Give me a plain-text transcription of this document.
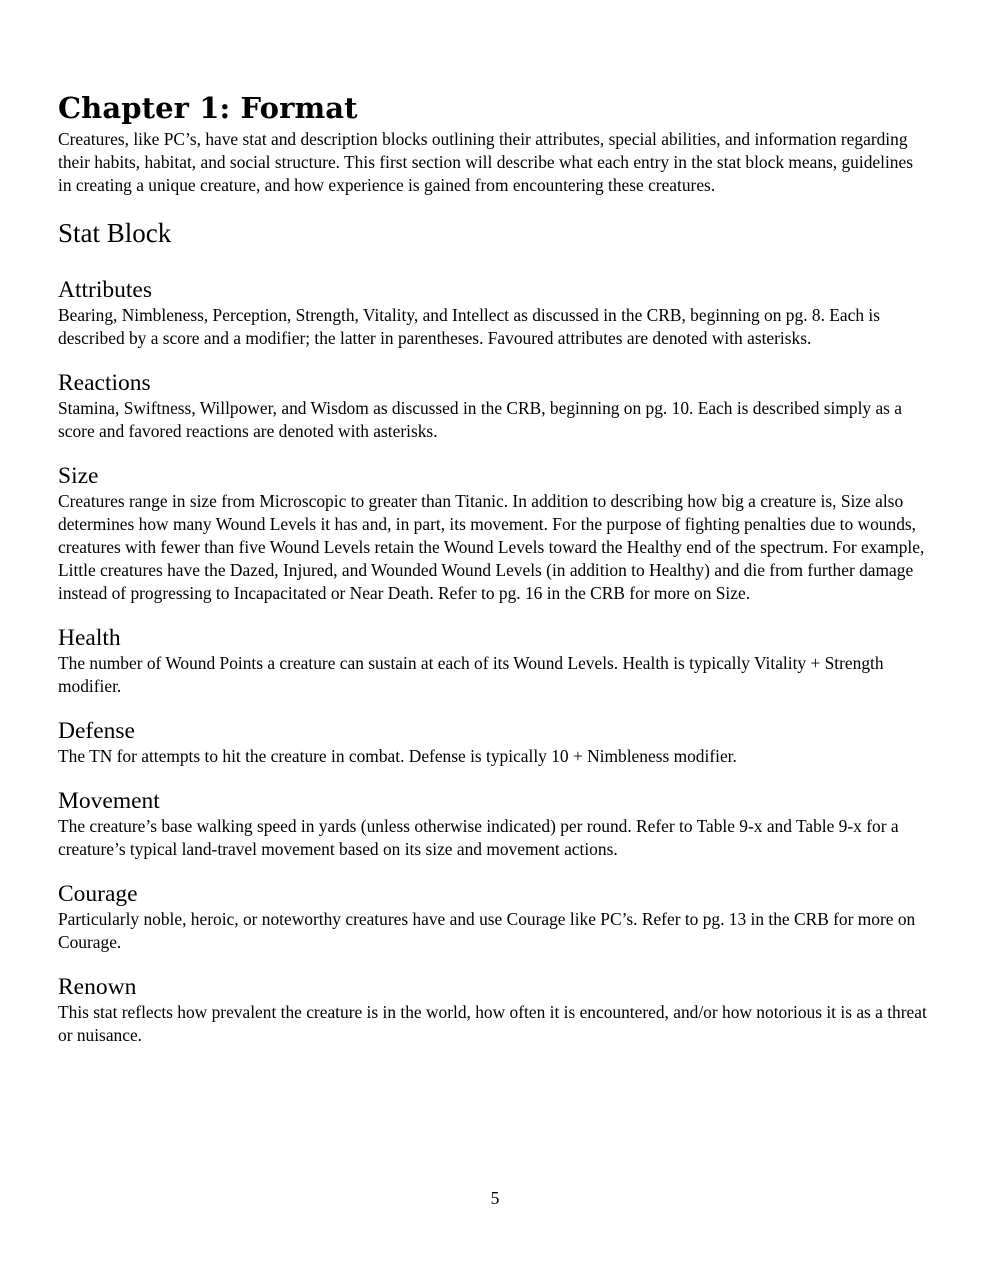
Chapter 1: Format

Creatures, like PC’s, have stat and description blocks outlining their attributes, special abilities, and information regarding their habits, habitat, and social structure. This first section will describe what each entry in the stat block means, guidelines in creating a unique creature, and how experience is gained from encountering these creatures.

Stat Block
Attributes

Bearing, Nimbleness, Perception, Strength, Vitality, and Intellect as discussed in the CRB, beginning on pg. 8. Each is described by a score and a modifier; the latter in parentheses. Favoured attributes are denoted with asterisks.

Reactions

Stamina, Swiftness, Willpower, and Wisdom as discussed in the CRB, beginning on pg. 10. Each is described simply as a score and favored reactions are denoted with asterisks.

Size

Creatures range in size from Microscopic to greater than Titanic. In addition to describing how big a creature is, Size also determines how many Wound Levels it has and, in part, its movement. For the purpose of fighting penalties due to wounds, creatures with fewer than five Wound Levels retain the Wound Levels toward the Healthy end of the spectrum. For example, Little creatures have the Dazed, Injured, and Wounded Wound Levels (in addition to Healthy) and die from further damage instead of progressing to Incapacitated or Near Death. Refer to pg. 16 in the CRB for more on Size.

Health

The number of Wound Points a creature can sustain at each of its Wound Levels. Health is typically Vitality + Strength modifier.

Defense

The TN for attempts to hit the creature in combat. Defense is typically 10 + Nimbleness modifier.

Movement

The creature’s base walking speed in yards (unless otherwise indicated) per round. Refer to Table 9-x and Table 9-x for a creature’s typical land-travel movement based on its size and movement actions.

Courage

Particularly noble, heroic, or noteworthy creatures have and use Courage like PC’s. Refer to pg. 13 in the CRB for more on Courage.

Renown

This stat reflects how prevalent the creature is in the world, how often it is encountered, and/or how notorious it is as a threat or nuisance.

5
